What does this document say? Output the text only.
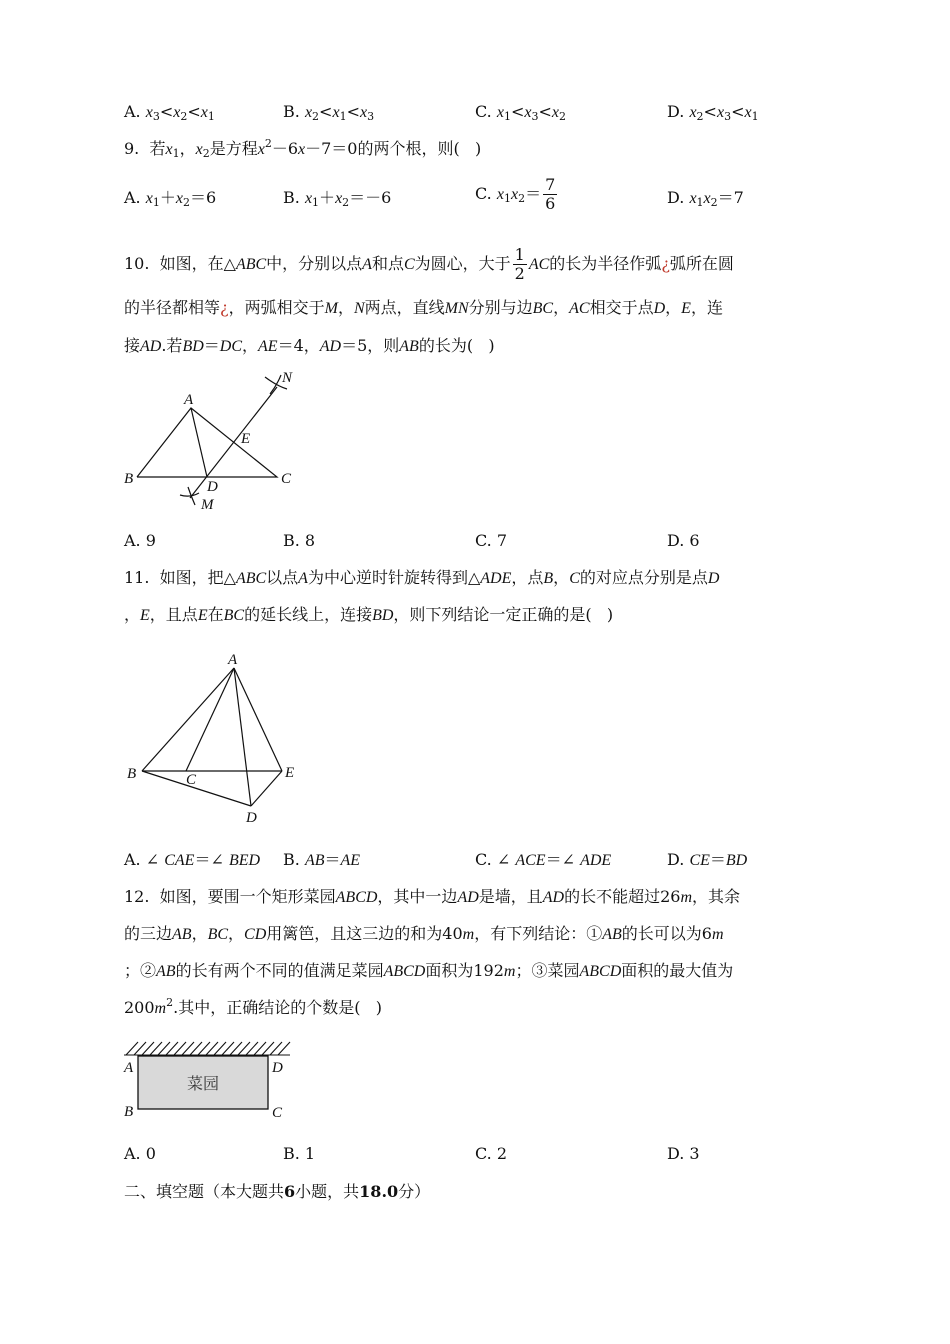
A. $x_3<x_2<x_1$	B. $x_2<x_1<x_3$	C. $x_1<x_3<x_2$	D. $x_2<x_3<x_1$
9. 若$x_1$，$x_2$是方程$x^2-6x-7=0$的两个根，则( )
A. $x_1+x_2=6$	B. $x_1+x_2=-6$	C. $x_1x_2= \frac{7}{6}$	D. $x_1x_2=7$
10. 如图，在△ABC中，分别以点A和点C为圆心，大于 $\frac{1}{2}$ AC的长为半径作弧¿弧所在圆
的半径都相等¿，两弧相交于M，N两点，直线MN分别与边BC，AC相交于点D，E，连
接AD.若BD＝DC，AE＝4，AD＝5，则AB的长为( )
A
B	C
D
E
M
N
A. 9	B. 8	C. 7	D. 6
11. 如图，把△ABC以点A为中心逆时针旋转得到△ADE，点B，C的对应点分别是点D
，E，且点E在BC的延长线上，连接BD，则下列结论一定正确的是( )
A
B	C
D
E
A. ∠ CAE＝∠ BED B. AB＝AE	C. ∠ ACE＝∠ ADE	D. CE＝BD
12. 如图，要围一个矩形菜园ABCD，其中一边AD是墙，且AD的长不能超过26m，其余
的三边AB，BC，CD用篱笆，且这三边的和为40m，有下列结论：①AB的长可以为6m
；②AB的长有两个不同的值满足菜园ABCD面积为192m；③菜园ABCD面积的最大值为
$200m^2$.其中，正确结论的个数是( )
菜园
A
B	C
D
A. 0	B. 1	C. 2	D. 3
二、填空题（本大题共6小题，共18.0分）
